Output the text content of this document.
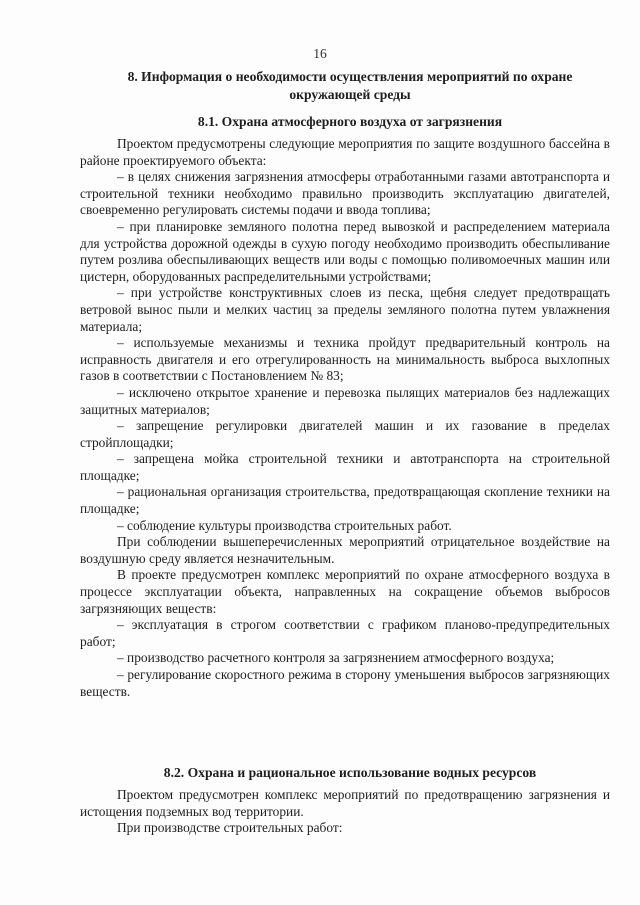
16
8. Информация о необходимости осуществления мероприятий по охране окружающей среды
8.1. Охрана атмосферного воздуха от загрязнения

Проектом предусмотрены следующие мероприятия по защите воздушного бассейна в районе проектируемого объекта:

– в целях снижения загрязнения атмосферы отработанными газами автотранспорта и строительной техники необходимо правильно производить эксплуатацию двигателей, своевременно регулировать системы подачи и ввода топлива;

– при планировке земляного полотна перед вывозкой и распределением материала для устройства дорожной одежды в сухую погоду необходимо производить обеспыливание путем розлива обеспыливающих веществ или воды с помощью поливомоечных машин или цистерн, оборудованных распределительными устройствами;

– при устройстве конструктивных слоев из песка, щебня следует предотвращать ветровой вынос пыли и мелких частиц за пределы земляного полотна путем увлажнения материала;

– используемые механизмы и техника пройдут предварительный контроль на исправность двигателя и его отрегулированность на минимальность выброса выхлопных газов в соответствии с Постановлением № 83;

– исключено открытое хранение и перевозка пылящих материалов без надлежащих защитных материалов;

– запрещение регулировки двигателей машин и их газование в пределах стройплощадки;

– запрещена мойка строительной техники и автотранспорта на строительной площадке;

– рациональная организация строительства, предотвращающая скопление техники на площадке;

– соблюдение культуры производства строительных работ.

При соблюдении вышеперечисленных мероприятий отрицательное воздействие на воздушную среду является незначительным.

В проекте предусмотрен комплекс мероприятий по охране атмосферного воздуха в процессе эксплуатации объекта, направленных на сокращение объемов выбросов загрязняющих веществ:

– эксплуатация в строгом соответствии с графиком планово-предупредительных работ;

– производство расчетного контроля за загрязнением атмосферного воздуха;

– регулирование скоростного режима в сторону уменьшения выбросов загрязняющих веществ.

8.2. Охрана и рациональное использование водных ресурсов

Проектом предусмотрен комплекс мероприятий по предотвращению загрязнения и истощения подземных вод территории.

При производстве строительных работ:
